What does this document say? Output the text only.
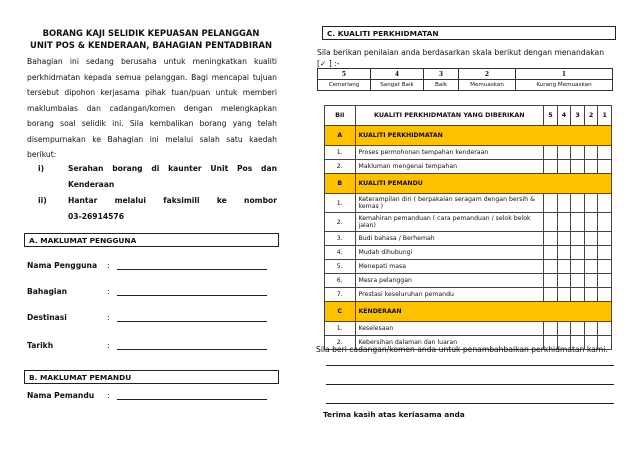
BORANG KAJI SELIDIK KEPUASAN PELANGGAN
UNIT POS & KENDERAAN, BAHAGIAN PENTADBIRAN
Bahagian ini sedang berusaha untuk meningkatkan kualiti perkhidmatan kepada semua pelanggan. Bagi mencapai tujuan tersebut dipohon kerjasama pihak tuan/puan untuk memberi maklumbalas dan cadangan/komen dengan melengkapkan borang soal selidik ini. Sila kembalikan borang yang telah disempurnakan ke Bahagian ini melalui salah satu kaedah berikut:
i)	Serahan borang di kaunter Unit Pos dan
Kenderaan
ii)	Hantar melalui faksimili ke nombor
03-26914576
A. MAKLUMAT PENGGUNA
Nama Pengguna :
Bahagian	:
Destinasi	:
Tarikh	:
B. MAKLUMAT PEMANDU
Nama Pemandu :
C. KUALITI PERKHIDMATAN
Sila berikan penilaian anda berdasarkan skala berikut dengan menandakan [✓ ] :-
5	4	3	2	1
Cemerlang	Sangat Baik	Baik	Memuaskan	Kurang Memuaskan
Bil	KUALITI PERKHIDMATAN YANG DIBERIKAN	5	4	3	2	1
A	KUALITI PERKHIDMATAN					
1.	Proses permohonan tempahan kenderaan					
2.	Makluman mengenai tempahan					
B	KUALITI PEMANDU					
1.	Keterampilan diri ( berpakaian seragam dengan bersih & kemas )					
2.	Kemahiran pemanduan ( cara pemanduan / selok belok jalan)					
3.	Budi bahasa / Berhemah					
4.	Mudah dihubungi					
5.	Menepati masa					
6.	Mesra pelanggan					
7.	Prestasi keseluruhan pemandu					
C	KENDERAAN					
1.	Keselesaan					
2.	Kebersihan dalaman dan luaran					
Sila beri cadangan/komen anda untuk penambahbaikan perkhidmatan kami.
Terima kasih atas kerjasama anda
